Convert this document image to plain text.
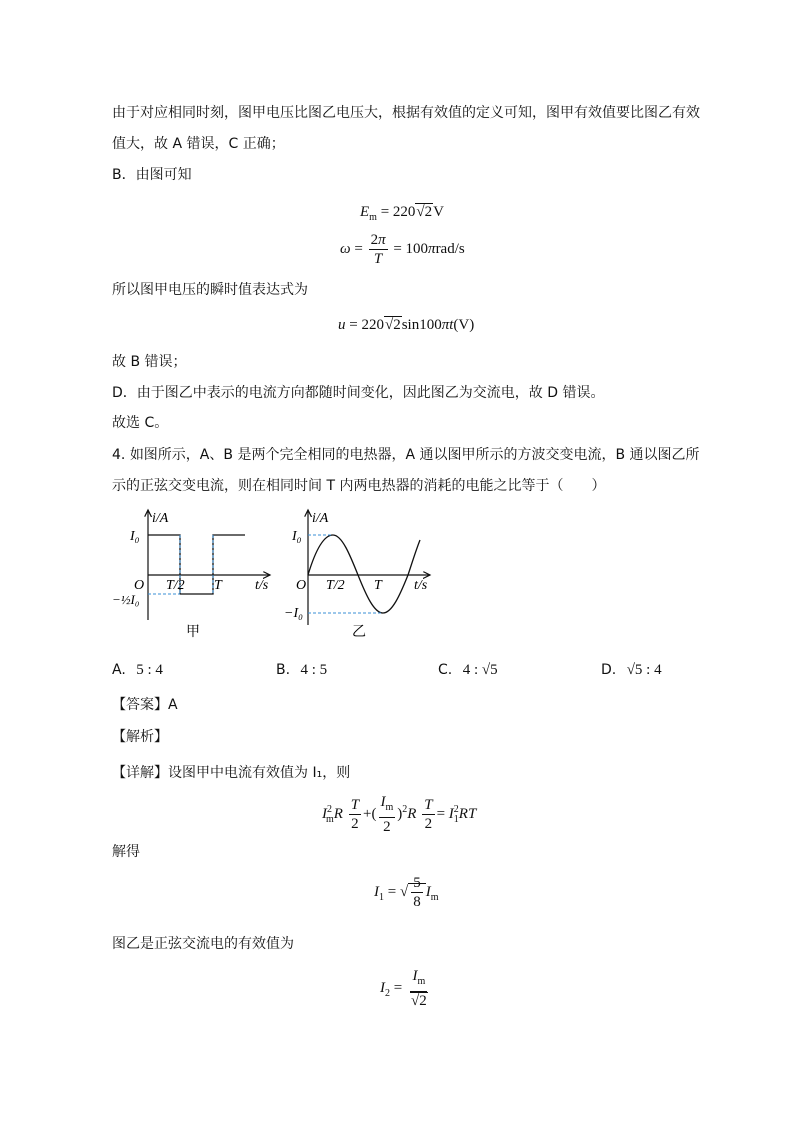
由于对应相同时刻，图甲电压比图乙电压大，根据有效值的定义可知，图甲有效值要比图乙有效
值大，故 A 错误，C 正确；
B．由图可知
$E_m = 220√2V$
$\omega = \frac{2\pi}{T} = 100\pi rad/s$
所以图甲电压的瞬时值表达式为
u = 220√2sin100πt(V)
故 B 错误；
D．由于图乙中表示的电流方向都随时间变化，因此图乙为交流电，故 D 错误。
故选 C。
4. 如图所示，A、B 是两个完全相同的电热器，A 通以图甲所示的方波交变电流，B 通以图乙所
示的正弦交变电流，则在相同时间 T 内两电热器的消耗的电能之比等于（　　）
i/A
t/s
O
I₀
−½I₀
T/2 T
甲
i/A
t/s
O
I₀
−I₀
T/2 T
乙
A. 5 : 4	B. 4 : 5	C. 4 : √5	D. √5 : 4
【答案】A
【解析】
【详解】设图甲中电流有效值为 I₁，则
$I^2_mR \frac{T}{2}$ +( $\frac{I_m}{2} )^2R \frac{T}{2} = I_1^2RT$
解得
$I_1$ = √ $\frac{5}{8} I_m$
图乙是正弦交流电的有效值为
$I_2 = \frac{I_m}{√2}$
